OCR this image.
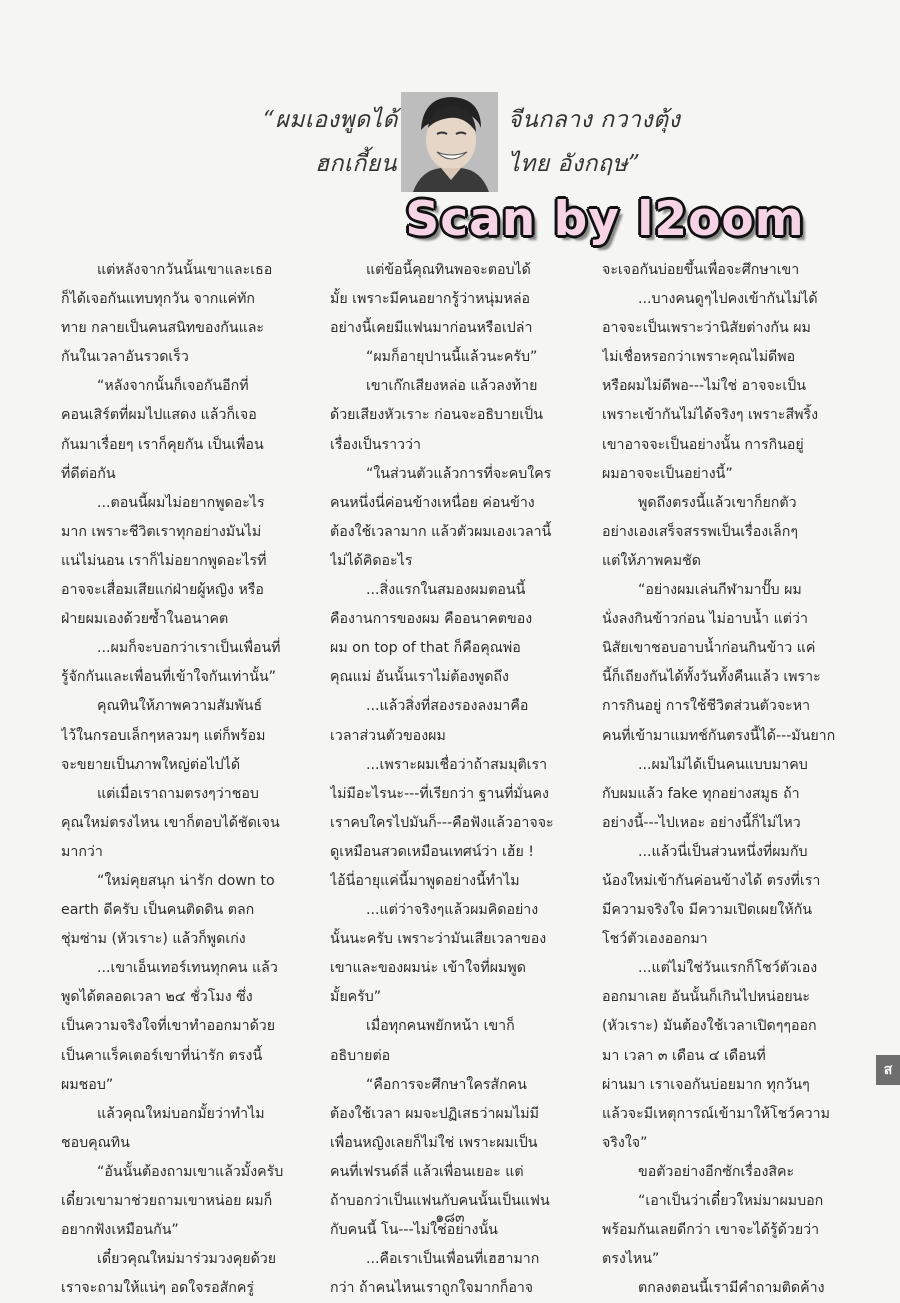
“ผมเองพูดได้
ฮกเกี้ยน
จีนกลาง กวางตุ้ง
ไทย อังกฤษ”
Scan by l2oom
แต่หลังจากวันนั้นเขาและเธอ
ก็ได้เจอกันแทบทุกวัน จากแค่ทัก
ทาย กลายเป็นคนสนิทของกันและ
กันในเวลาอันรวดเร็ว
“หลังจากนั้นก็เจอกันอีกที่
คอนเสิร์ตที่ผมไปแสดง แล้วก็เจอ
กันมาเรื่อยๆ เราก็คุยกัน เป็นเพื่อน
ที่ดีต่อกัน
...ตอนนี้ผมไม่อยากพูดอะไร
มาก เพราะชีวิตเราทุกอย่างมันไม่
แน่ไม่นอน เราก็ไม่อยากพูดอะไรที่
อาจจะเสื่อมเสียแก่ฝ่ายผู้หญิง หรือ
ฝ่ายผมเองด้วยซ้ำในอนาคต
...ผมก็จะบอกว่าเราเป็นเพื่อนที่
รู้จักกันและเพื่อนที่เข้าใจกันเท่านั้น”
คุณทินให้ภาพความสัมพันธ์
ไว้ในกรอบเล็กๆหลวมๆ แต่ก็พร้อม
จะขยายเป็นภาพใหญ่ต่อไปได้
แต่เมื่อเราถามตรงๆว่าชอบ
คุณใหม่ตรงไหน เขาก็ตอบได้ชัดเจน
มากว่า
“ใหม่คุยสนุก น่ารัก down to
earth ดีครับ เป็นคนติดดิน ตลก
ชุ่มซ่าม (หัวเราะ) แล้วก็พูดเก่ง
...เขาเอ็นเทอร์เทนทุกคน แล้ว
พูดได้ตลอดเวลา ๒๔ ชั่วโมง ซึ่ง
เป็นความจริงใจที่เขาทำออกมาด้วย
เป็นคาแร็คเตอร์เขาที่น่ารัก ตรงนี้
ผมชอบ”
แล้วคุณใหม่บอกมั้ยว่าทำไม
ชอบคุณทิน
“อันนั้นต้องถามเขาแล้วมั้งครับ
เดี๋ยวเขามาช่วยถามเขาหน่อย ผมก็
อยากฟังเหมือนกัน”
เดี๋ยวคุณใหม่มาร่วมวงคุยด้วย
เราจะถามให้แน่ๆ อดใจรอสักครู่
แต่ข้อนี้คุณทินพอจะตอบได้
มั้ย เพราะมีคนอยากรู้ว่าหนุ่มหล่อ
อย่างนี้เคยมีแฟนมาก่อนหรือเปล่า
“ผมก็อายุปานนี้แล้วนะครับ”
เขาเก๊กเสียงหล่อ แล้วลงท้าย
ด้วยเสียงหัวเราะ ก่อนจะอธิบายเป็น
เรื่องเป็นราวว่า
“ในส่วนตัวแล้วการที่จะคบใคร
คนหนึ่งนี่ค่อนข้างเหนื่อย ค่อนข้าง
ต้องใช้เวลามาก แล้วตัวผมเองเวลานี้
ไม่ได้คิดอะไร
...สิ่งแรกในสมองผมตอนนี้
คืองานการของผม คืออนาคตของ
ผม on top of that ก็คือคุณพ่อ
คุณแม่ อันนั้นเราไม่ต้องพูดถึง
...แล้วสิ่งที่สองรองลงมาคือ
เวลาส่วนตัวของผม
...เพราะผมเชื่อว่าถ้าสมมุติเรา
ไม่มีอะไรนะ---ที่เรียกว่า ฐานที่มั่นคง
เราคบใครไปมันก็---คือฟังแล้วอาจจะ
ดูเหมือนสวดเหมือนเทศน์ว่า เฮ้ย !
ไอ้นี่อายุแค่นี้มาพูดอย่างนี้ทำไม
...แต่ว่าจริงๆแล้วผมคิดอย่าง
นั้นนะครับ เพราะว่ามันเสียเวลาของ
เขาและของผมน่ะ เข้าใจที่ผมพูด
มั้ยครับ”
เมื่อทุกคนพยักหน้า เขาก็
อธิบายต่อ
“คือการจะศึกษาใครสักคน
ต้องใช้เวลา ผมจะปฏิเสธว่าผมไม่มี
เพื่อนหญิงเลยก็ไม่ใช่ เพราะผมเป็น
คนที่เฟรนด์ลี่ แล้วเพื่อนเยอะ แต่
ถ้าบอกว่าเป็นแฟนกับคนนั้นเป็นแฟน
กับคนนี้ โน---ไม่ใช่อย่างนั้น
...คือเราเป็นเพื่อนที่เฮฮามาก
กว่า ถ้าคนไหนเราถูกใจมากก็อาจ
จะเจอกันบ่อยขึ้นเพื่อจะศึกษาเขา
...บางคนดูๆไปคงเข้ากันไม่ได้
อาจจะเป็นเพราะว่านิสัยต่างกัน ผม
ไม่เชื่อหรอกว่าเพราะคุณไม่ดีพอ
หรือผมไม่ดีพอ---ไม่ใช่ อาจจะเป็น
เพราะเข้ากันไม่ได้จริงๆ เพราะสีพริ้ง
เขาอาจจะเป็นอย่างนั้น การกินอยู่
ผมอาจจะเป็นอย่างนี้”
พูดถึงตรงนี้แล้วเขาก็ยกตัว
อย่างเองเสร็จสรรพเป็นเรื่องเล็กๆ
แต่ให้ภาพคมชัด
“อย่างผมเล่นกีฬามาปั๊บ ผม
นั่งลงกินข้าวก่อน ไม่อาบน้ำ แต่ว่า
นิสัยเขาชอบอาบน้ำก่อนกินข้าว แค่
นี้ก็เถียงกันได้ทั้งวันทั้งคืนแล้ว เพราะ
การกินอยู่ การใช้ชีวิตส่วนตัวจะหา
คนที่เข้ามาแมทช์กันตรงนี้ได้---มันยาก
...ผมไม่ได้เป็นคนแบบมาคบ
กับผมแล้ว fake ทุกอย่างสมูธ ถ้า
อย่างนี้---ไปเหอะ อย่างนี้ก็ไม่ไหว
...แล้วนี่เป็นส่วนหนึ่งที่ผมกับ
น้องใหม่เข้ากันค่อนข้างได้ ตรงที่เรา
มีความจริงใจ มีความเปิดเผยให้กัน
โชว์ตัวเองออกมา
...แต่ไม่ใช่วันแรกก็โชว์ตัวเอง
ออกมาเลย อันนั้นก็เกินไปหน่อยนะ
(หัวเราะ) มันต้องใช้เวลาเปิดๆๆออก
มา เวลา ๓ เดือน ๔ เดือนที่
ผ่านมา เราเจอกันบ่อยมาก ทุกวันๆ
แล้วจะมีเหตุการณ์เข้ามาให้โชว์ความ
จริงใจ”
ขอตัวอย่างอีกซักเรื่องสิคะ
“เอาเป็นว่าเดี๋ยวใหม่มาผมบอก
พร้อมกันเลยดีกว่า เขาจะได้รู้ด้วยว่า
ตรงไหน”
ตกลงตอนนี้เรามีคำถามติดค้าง
๑๘๓
ส
